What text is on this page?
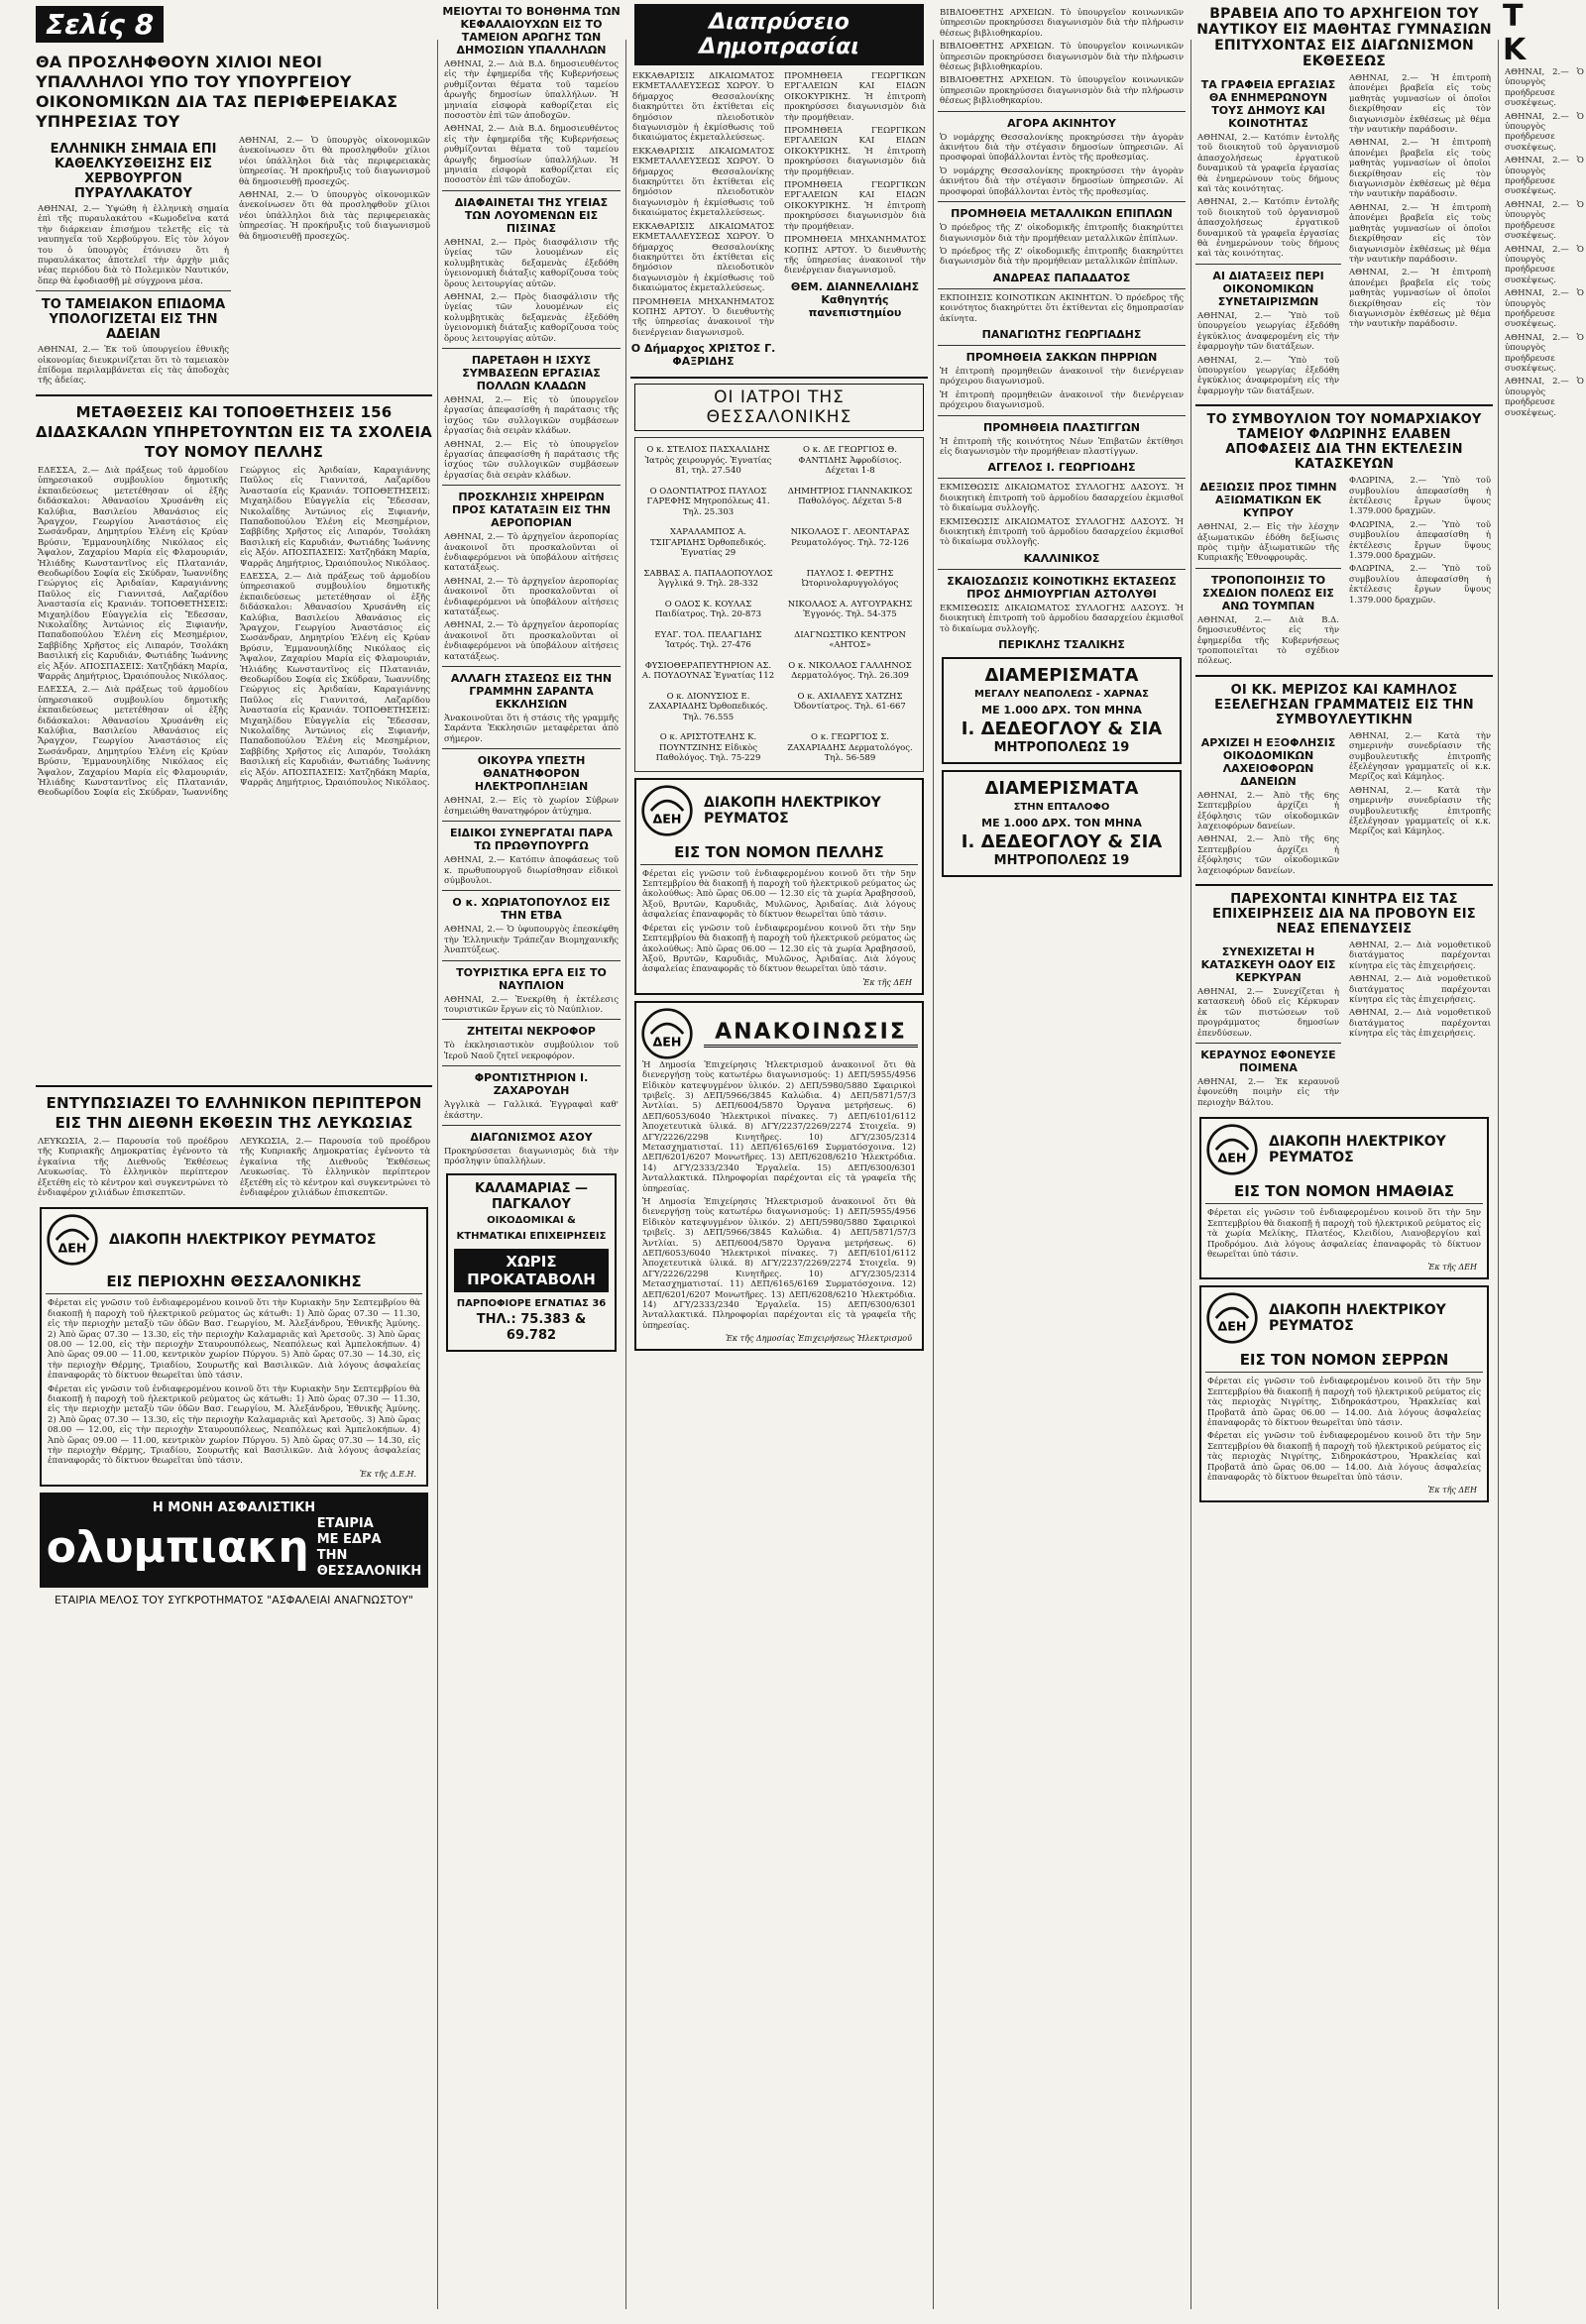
Σελίς 8
ΘΑ ΠΡΟΣΛΗΦΘΟΥΝ ΧΙΛΙΟΙ ΝΕΟΙ ΥΠΑΛΛΗΛΟΙ ΥΠΟ ΤΟΥ ΥΠΟΥΡΓΕΙΟΥ ΟΙΚΟΝΟΜΙΚΩΝ ΔΙΑ ΤΑΣ ΠΕΡΙΦΕΡΕΙΑΚΑΣ ΥΠΗΡΕΣΙΑΣ ΤΟΥ
ΕΛΛΗΝΙΚΗ ΣΗΜΑΙΑ ΕΠΙ ΚΑΘΕΛΚΥΣΘΕΙΣΗΣ ΕΙΣ ΧΕΡΒΟΥΡΓΟΝ ΠΥΡΑΥΛΑΚΑΤΟΥ

ΑΘΗΝΑΙ, 2.— Ὑψώθη ἡ ἑλληνικὴ σημαία ἐπὶ τῆς πυραυλακάτου «Κωμοδεῖνα κατά τὴν διάρκειαν ἐπισήμου τελετῆς εἰς τὰ ναυπηγεῖα τοῦ Χερβούργου. Εἰς τὸν λόγον του ὁ ὑπουργὸς ἐτόνισεν ὅτι ἡ πυραυλάκατος ἀποτελεῖ τὴν ἀρχὴν μιᾶς νέας περιόδου διὰ τὸ Πολεμικὸν Ναυτικόν, ὅπερ θὰ ἐφοδιασθῇ μὲ σύγχρονα μέσα.

ΤΟ ΤΑΜΕΙΑΚΟΝ ΕΠΙΔΟΜΑ ΥΠΟΛΟΓΙΖΕΤΑΙ ΕΙΣ ΤΗΝ ΑΔΕΙΑΝ

ΑΘΗΝΑΙ, 2.— Ἐκ τοῦ ὑπουργείου ἐθνικῆς οἰκονομίας διευκρινίζεται ὅτι τὸ ταμειακὸν ἐπίδομα περιλαμβάνεται εἰς τὰς ἀποδοχὰς τῆς ἀδείας.

ΑΘΗΝΑΙ, 2.— Ὁ ὑπουργὸς οἰκονομικῶν ἀνεκοίνωσεν ὅτι θὰ προσληφθοῦν χίλιοι νέοι ὑπάλληλοι διὰ τὰς περιφερειακὰς ὑπηρεσίας. Ἡ προκήρυξις τοῦ διαγωνισμοῦ θὰ δημοσιευθῇ προσεχῶς.

ΑΘΗΝΑΙ, 2.— Ὁ ὑπουργὸς οἰκονομικῶν ἀνεκοίνωσεν ὅτι θὰ προσληφθοῦν χίλιοι νέοι ὑπάλληλοι διὰ τὰς περιφερειακὰς ὑπηρεσίας. Ἡ προκήρυξις τοῦ διαγωνισμοῦ θὰ δημοσιευθῇ προσεχῶς.

ΜΕΤΑΘΕΣΕΙΣ ΚΑΙ ΤΟΠΟΘΕΤΗΣΕΙΣ 156 ΔΙΔΑΣΚΑΛΩΝ ΥΠΗΡΕΤΟΥΝΤΩΝ ΕΙΣ ΤΑ ΣΧΟΛΕΙΑ ΤΟΥ ΝΟΜΟΥ ΠΕΛΛΗΣ

ΕΔΕΣΣΑ, 2.— Διὰ πράξεως τοῦ ἁρμοδίου ὑπηρεσιακοῦ συμβουλίου δημοτικῆς ἐκπαιδεύσεως μετετέθησαν οἱ ἑξῆς διδάσκαλοι: Ἀθανασίου Χρυσάνθη εἰς Καλύβια, Βασιλείου Ἀθανάσιος εἰς Ἄραγχον, Γεωργίου Ἀναστάσιος εἰς Σωσάνδραν, Δημητρίου Ἑλένη εἰς Κρύαν Βρύσιν, Ἐμμανουηλίδης Νικόλαος εἰς Ἄψαλον, Ζαχαρίου Μαρία εἰς Φλαμουριάν, Ἠλιάδης Κωνσταντῖνος εἰς Πλατανιάν, Θεοδωρίδου Σοφία εἰς Σκύδραν, Ἰωαννίδης Γεώργιος εἰς Ἀριδαίαν, Καραγιάννης Παῦλος εἰς Γιαννιτσά, Λαζαρίδου Ἀναστασία εἰς Κρανιάν. ΤΟΠΟΘΕΤΗΣΕΙΣ: Μιχαηλίδου Εὐαγγελία εἰς Ἔδεσσαν, Νικολαΐδης Ἀντώνιος εἰς Ξιφιανήν, Παπαδοπούλου Ἑλένη εἰς Μεσημέριον, Σαββίδης Χρῆστος εἰς Λιπαρόν, Τσολάκη Βασιλική εἰς Καρυδιάν, Φωτιάδης Ἰωάννης εἰς Ἀξόν. ΑΠΟΣΠΑΣΕΙΣ: Χατζηδάκη Μαρία, Ψαρρᾶς Δημήτριος, Ὠραιόπουλος Νικόλαος.

ΕΔΕΣΣΑ, 2.— Διὰ πράξεως τοῦ ἁρμοδίου ὑπηρεσιακοῦ συμβουλίου δημοτικῆς ἐκπαιδεύσεως μετετέθησαν οἱ ἑξῆς διδάσκαλοι: Ἀθανασίου Χρυσάνθη εἰς Καλύβια, Βασιλείου Ἀθανάσιος εἰς Ἄραγχον, Γεωργίου Ἀναστάσιος εἰς Σωσάνδραν, Δημητρίου Ἑλένη εἰς Κρύαν Βρύσιν, Ἐμμανουηλίδης Νικόλαος εἰς Ἄψαλον, Ζαχαρίου Μαρία εἰς Φλαμουριάν, Ἠλιάδης Κωνσταντῖνος εἰς Πλατανιάν, Θεοδωρίδου Σοφία εἰς Σκύδραν, Ἰωαννίδης Γεώργιος εἰς Ἀριδαίαν, Καραγιάννης Παῦλος εἰς Γιαννιτσά, Λαζαρίδου Ἀναστασία εἰς Κρανιάν. ΤΟΠΟΘΕΤΗΣΕΙΣ: Μιχαηλίδου Εὐαγγελία εἰς Ἔδεσσαν, Νικολαΐδης Ἀντώνιος εἰς Ξιφιανήν, Παπαδοπούλου Ἑλένη εἰς Μεσημέριον, Σαββίδης Χρῆστος εἰς Λιπαρόν, Τσολάκη Βασιλική εἰς Καρυδιάν, Φωτιάδης Ἰωάννης εἰς Ἀξόν. ΑΠΟΣΠΑΣΕΙΣ: Χατζηδάκη Μαρία, Ψαρρᾶς Δημήτριος, Ὠραιόπουλος Νικόλαος.

ΕΔΕΣΣΑ, 2.— Διὰ πράξεως τοῦ ἁρμοδίου ὑπηρεσιακοῦ συμβουλίου δημοτικῆς ἐκπαιδεύσεως μετετέθησαν οἱ ἑξῆς διδάσκαλοι: Ἀθανασίου Χρυσάνθη εἰς Καλύβια, Βασιλείου Ἀθανάσιος εἰς Ἄραγχον, Γεωργίου Ἀναστάσιος εἰς Σωσάνδραν, Δημητρίου Ἑλένη εἰς Κρύαν Βρύσιν, Ἐμμανουηλίδης Νικόλαος εἰς Ἄψαλον, Ζαχαρίου Μαρία εἰς Φλαμουριάν, Ἠλιάδης Κωνσταντῖνος εἰς Πλατανιάν, Θεοδωρίδου Σοφία εἰς Σκύδραν, Ἰωαννίδης Γεώργιος εἰς Ἀριδαίαν, Καραγιάννης Παῦλος εἰς Γιαννιτσά, Λαζαρίδου Ἀναστασία εἰς Κρανιάν. ΤΟΠΟΘΕΤΗΣΕΙΣ: Μιχαηλίδου Εὐαγγελία εἰς Ἔδεσσαν, Νικολαΐδης Ἀντώνιος εἰς Ξιφιανήν, Παπαδοπούλου Ἑλένη εἰς Μεσημέριον, Σαββίδης Χρῆστος εἰς Λιπαρόν, Τσολάκη Βασιλική εἰς Καρυδιάν, Φωτιάδης Ἰωάννης εἰς Ἀξόν. ΑΠΟΣΠΑΣΕΙΣ: Χατζηδάκη Μαρία, Ψαρρᾶς Δημήτριος, Ὠραιόπουλος Νικόλαος.

ΕΝΤΥΠΩΣΙΑΖΕΙ ΤΟ ΕΛΛΗΝΙΚΟΝ ΠΕΡΙΠΤΕΡΟΝ ΕΙΣ ΤΗΝ ΔΙΕΘΝΗ ΕΚΘΕΣΙΝ ΤΗΣ ΛΕΥΚΩΣΙΑΣ

ΛΕΥΚΩΣΙΑ, 2.— Παρουσία τοῦ προέδρου τῆς Κυπριακῆς Δημοκρατίας ἐγένοντο τὰ ἐγκαίνια τῆς Διεθνοῦς Ἐκθέσεως Λευκωσίας. Τὸ ἑλληνικὸν περίπτερον ἐξετέθη εἰς τὸ κέντρον καὶ συγκεντρώνει τὸ ἐνδιαφέρον χιλιάδων ἐπισκεπτῶν.

ΛΕΥΚΩΣΙΑ, 2.— Παρουσία τοῦ προέδρου τῆς Κυπριακῆς Δημοκρατίας ἐγένοντο τὰ ἐγκαίνια τῆς Διεθνοῦς Ἐκθέσεως Λευκωσίας. Τὸ ἑλληνικὸν περίπτερον ἐξετέθη εἰς τὸ κέντρον καὶ συγκεντρώνει τὸ ἐνδιαφέρον χιλιάδων ἐπισκεπτῶν.

ΔΕΗ
ΔΙΑΚΟΠΗ ΗΛΕΚΤΡΙΚΟΥ ΡΕΥΜΑΤΟΣ
ΕΙΣ ΠΕΡΙΟΧΗΝ ΘΕΣΣΑΛΟΝΙΚΗΣ

Φέρεται εἰς γνῶσιν τοῦ ἐνδιαφερομένου κοινοῦ ὅτι τὴν Κυριακὴν 5ην Σεπτεμβρίου θὰ διακοπῇ ἡ παροχὴ τοῦ ἠλεκτρικοῦ ρεύματος ὡς κάτωθι: 1) Ἀπὸ ὥρας 07.30 — 11.30, εἰς τὴν περιοχὴν μεταξὺ τῶν ὁδῶν Βασ. Γεωργίου, Μ. Ἀλεξάνδρου, Ἐθνικῆς Ἀμύνης. 2) Ἀπὸ ὥρας 07.30 — 13.30, εἰς τὴν περιοχὴν Καλαμαριᾶς καὶ Ἀρετσοῦς. 3) Ἀπὸ ὥρας 08.00 — 12.00, εἰς τὴν περιοχὴν Σταυρουπόλεως, Νεαπόλεως καὶ Ἀμπελοκήπων. 4) Ἀπὸ ὥρας 09.00 — 11.00, κεντρικὸν χωρίον Πύργου. 5) Ἀπὸ ὥρας 07.30 — 14.30, εἰς τὴν περιοχὴν Θέρμης, Τριαδίου, Σουρωτῆς καὶ Βασιλικῶν. Διὰ λόγους ἀσφαλείας ἐπαναφορᾶς τὸ δίκτυον θεωρεῖται ὑπὸ τάσιν.

Φέρεται εἰς γνῶσιν τοῦ ἐνδιαφερομένου κοινοῦ ὅτι τὴν Κυριακὴν 5ην Σεπτεμβρίου θὰ διακοπῇ ἡ παροχὴ τοῦ ἠλεκτρικοῦ ρεύματος ὡς κάτωθι: 1) Ἀπὸ ὥρας 07.30 — 11.30, εἰς τὴν περιοχὴν μεταξὺ τῶν ὁδῶν Βασ. Γεωργίου, Μ. Ἀλεξάνδρου, Ἐθνικῆς Ἀμύνης. 2) Ἀπὸ ὥρας 07.30 — 13.30, εἰς τὴν περιοχὴν Καλαμαριᾶς καὶ Ἀρετσοῦς. 3) Ἀπὸ ὥρας 08.00 — 12.00, εἰς τὴν περιοχὴν Σταυρουπόλεως, Νεαπόλεως καὶ Ἀμπελοκήπων. 4) Ἀπὸ ὥρας 09.00 — 11.00, κεντρικὸν χωρίον Πύργου. 5) Ἀπὸ ὥρας 07.30 — 14.30, εἰς τὴν περιοχὴν Θέρμης, Τριαδίου, Σουρωτῆς καὶ Βασιλικῶν. Διὰ λόγους ἀσφαλείας ἐπαναφορᾶς τὸ δίκτυον θεωρεῖται ὑπὸ τάσιν.

Ἐκ τῆς Δ.Ε.Η.
Η ΜΟΝΗ ΑΣΦΑΛΙΣΤΙΚΗ
ολυμπιακη ΕΤΑΙΡΙΑ
ΜΕ ΕΔΡΑ
ΤΗΝ ΘΕΣΣΑΛΟΝΙΚΗ
ΕΤΑΙΡΙΑ ΜΕΛΟΣ ΤΟΥ ΣΥΓΚΡΟΤΗΜΑΤΟΣ "ΑΣΦΑΛΕΙΑΙ ΑΝΑΓΝΩΣΤΟΥ"
ΜΕΙΟΥΤΑΙ ΤΟ ΒΟΗΘΗΜΑ ΤΩΝ ΚΕΦΑΛΑΙΟΥΧΩΝ ΕΙΣ ΤΟ ΤΑΜΕΙΟΝ ΑΡΩΓΗΣ ΤΩΝ ΔΗΜΟΣΙΩΝ ΥΠΑΛΛΗΛΩΝ

ΑΘΗΝΑΙ, 2.— Διὰ Β.Δ. δημοσιευθέντος εἰς τὴν ἐφημερίδα τῆς Κυβερνήσεως ρυθμίζονται θέματα τοῦ ταμείου ἀρωγῆς δημοσίων ὑπαλλήλων. Ἡ μηνιαία εἰσφορὰ καθορίζεται εἰς ποσοστὸν ἐπὶ τῶν ἀποδοχῶν.

ΑΘΗΝΑΙ, 2.— Διὰ Β.Δ. δημοσιευθέντος εἰς τὴν ἐφημερίδα τῆς Κυβερνήσεως ρυθμίζονται θέματα τοῦ ταμείου ἀρωγῆς δημοσίων ὑπαλλήλων. Ἡ μηνιαία εἰσφορὰ καθορίζεται εἰς ποσοστὸν ἐπὶ τῶν ἀποδοχῶν.

ΔΙΑΦΑΙΝΕΤΑΙ ΤΗΣ ΥΓΕΙΑΣ ΤΩΝ ΛΟΥΟΜΕΝΩΝ ΕΙΣ ΠΙΣΙΝΑΣ

ΑΘΗΝΑΙ, 2.— Πρὸς διασφάλισιν τῆς ὑγείας τῶν λουομένων εἰς κολυμβητικὰς δεξαμενὰς ἐξεδόθη ὑγειονομικὴ διάταξις καθορίζουσα τοὺς ὅρους λειτουργίας αὐτῶν.

ΑΘΗΝΑΙ, 2.— Πρὸς διασφάλισιν τῆς ὑγείας τῶν λουομένων εἰς κολυμβητικὰς δεξαμενὰς ἐξεδόθη ὑγειονομικὴ διάταξις καθορίζουσα τοὺς ὅρους λειτουργίας αὐτῶν.

ΠΑΡΕΤΑΘΗ Η ΙΣΧΥΣ ΣΥΜΒΑΣΕΩΝ ΕΡΓΑΣΙΑΣ ΠΟΛΛΩΝ ΚΛΑΔΩΝ

ΑΘΗΝΑΙ, 2.— Εἰς τὸ ὑπουργεῖον ἐργασίας ἀπεφασίσθη ἡ παράτασις τῆς ἰσχύος τῶν συλλογικῶν συμβάσεων ἐργασίας διὰ σειρὰν κλάδων.

ΑΘΗΝΑΙ, 2.— Εἰς τὸ ὑπουργεῖον ἐργασίας ἀπεφασίσθη ἡ παράτασις τῆς ἰσχύος τῶν συλλογικῶν συμβάσεων ἐργασίας διὰ σειρὰν κλάδων.

ΠΡΟΣΚΛΗΣΙΣ ΧΗΡΕΙΡΩΝ ΠΡΟΣ ΚΑΤΑΤΑΞΙΝ ΕΙΣ ΤΗΝ ΑΕΡΟΠΟΡΙΑΝ

ΑΘΗΝΑΙ, 2.— Τὸ ἀρχηγεῖον ἀεροπορίας ἀνακοινοῖ ὅτι προσκαλοῦνται οἱ ἐνδιαφερόμενοι νὰ ὑποβάλουν αἰτήσεις κατατάξεως.

ΑΘΗΝΑΙ, 2.— Τὸ ἀρχηγεῖον ἀεροπορίας ἀνακοινοῖ ὅτι προσκαλοῦνται οἱ ἐνδιαφερόμενοι νὰ ὑποβάλουν αἰτήσεις κατατάξεως.

ΑΘΗΝΑΙ, 2.— Τὸ ἀρχηγεῖον ἀεροπορίας ἀνακοινοῖ ὅτι προσκαλοῦνται οἱ ἐνδιαφερόμενοι νὰ ὑποβάλουν αἰτήσεις κατατάξεως.

ΑΛΛΑΓΗ ΣΤΑΣΕΩΣ ΕΙΣ ΤΗΝ ΓΡΑΜΜΗΝ ΣΑΡΑΝΤΑ ΕΚΚΛΗΣΙΩΝ

Ἀνακοινοῦται ὅτι ἡ στάσις τῆς γραμμῆς Σαράντα Ἐκκλησιῶν μεταφέρεται ἀπὸ σήμερον.

ΟΙΚΟΥΡΑ ΥΠΕΣΤΗ ΘΑΝΑΤΗΦΟΡΟΝ ΗΛΕΚΤΡΟΠΛΗΞΙΑΝ

ΑΘΗΝΑΙ, 2.— Εἰς τὸ χωρίον Σύβρων ἐσημειώθη θανατηφόρον ἀτύχημα.

ΕΙΔΙΚΟΙ ΣΥΝΕΡΓΑΤΑΙ ΠΑΡΑ ΤΩ ΠΡΩΘΥΠΟΥΡΓΩ

ΑΘΗΝΑΙ, 2.— Κατόπιν ἀποφάσεως τοῦ κ. πρωθυπουργοῦ διωρίσθησαν εἰδικοὶ σύμβουλοι.

Ο κ. ΧΩΡΙΑΤΟΠΟΥΛΟΣ ΕΙΣ ΤΗΝ ΕΤΒΑ

ΑΘΗΝΑΙ, 2.— Ὁ ὑφυπουργὸς ἐπεσκέφθη τὴν Ἑλληνικὴν Τράπεζαν Βιομηχανικῆς Ἀναπτύξεως.

ΤΟΥΡΙΣΤΙΚΑ ΕΡΓΑ ΕΙΣ ΤΟ ΝΑΥΠΛΙΟΝ

ΑΘΗΝΑΙ, 2.— Ἐνεκρίθη ἡ ἐκτέλεσις τουριστικῶν ἔργων εἰς τὸ Ναύπλιον.

ΖΗΤΕΙΤΑΙ ΝΕΚΡΟΦΟΡ

Τὸ ἐκκλησιαστικὸν συμβούλιον τοῦ Ἱεροῦ Ναοῦ ζητεῖ νεκροφόρον.

ΦΡΟΝΤΙΣΤΗΡΙΟΝ Ι. ΖΑΧΑΡΟΥΔΗ

Ἀγγλικὰ — Γαλλικά. Ἐγγραφαὶ καθ' ἑκάστην.

ΔΙΑΓΩΝΙΣΜΟΣ ΑΣΟΥ

Προκηρύσσεται διαγωνισμὸς διὰ τὴν πρόσληψιν ὑπαλλήλων.

ΚΑΛΑΜΑΡΙΑΣ — ΠΑΓΚΑΛΟΥ
ΟΙΚΟΔΟΜΙΚΑΙ & ΚΤΗΜΑΤΙΚΑΙ ΕΠΙΧΕΙΡΗΣΕΙΣ
ΧΩΡΙΣ ΠΡΟΚΑΤΑΒΟΛΗ
ΠΑΡΠΟΦΙΟΡΕ ΕΓΝΑΤΙΑΣ 36
ΤΗΛ.: 75.383 & 69.782
Διαπρύσειο Δημοπρασίαι

ΕΚΚΑΘΑΡΙΣΙΣ ΔΙΚΑΙΩΜΑΤΟΣ ΕΚΜΕΤΑΛΛΕΥΣΕΩΣ ΧΩΡΟΥ. Ὁ δήμαρχος Θεσσαλονίκης διακηρύττει ὅτι ἐκτίθεται εἰς δημόσιον πλειοδοτικὸν διαγωνισμὸν ἡ ἐκμίσθωσις τοῦ δικαιώματος ἐκμεταλλεύσεως.

ΕΚΚΑΘΑΡΙΣΙΣ ΔΙΚΑΙΩΜΑΤΟΣ ΕΚΜΕΤΑΛΛΕΥΣΕΩΣ ΧΩΡΟΥ. Ὁ δήμαρχος Θεσσαλονίκης διακηρύττει ὅτι ἐκτίθεται εἰς δημόσιον πλειοδοτικὸν διαγωνισμὸν ἡ ἐκμίσθωσις τοῦ δικαιώματος ἐκμεταλλεύσεως.

ΕΚΚΑΘΑΡΙΣΙΣ ΔΙΚΑΙΩΜΑΤΟΣ ΕΚΜΕΤΑΛΛΕΥΣΕΩΣ ΧΩΡΟΥ. Ὁ δήμαρχος Θεσσαλονίκης διακηρύττει ὅτι ἐκτίθεται εἰς δημόσιον πλειοδοτικὸν διαγωνισμὸν ἡ ἐκμίσθωσις τοῦ δικαιώματος ἐκμεταλλεύσεως.

ΠΡΟΜΗΘΕΙΑ ΜΗΧΑΝΗΜΑΤΟΣ ΚΟΠΗΣ ΑΡΤΟΥ. Ὁ διευθυντὴς τῆς ὑπηρεσίας ἀνακοινοῖ τὴν διενέργειαν διαγωνισμοῦ.

Ο Δήμαρχος ΧΡΙΣΤΟΣ Γ. ΦΑΞΡΙΔΗΣ

ΠΡΟΜΗΘΕΙΑ ΓΕΩΡΓΙΚΩΝ ΕΡΓΑΛΕΙΩΝ ΚΑΙ ΕΙΔΩΝ ΟΙΚΟΚΥΡΙΚΗΣ. Ἡ ἐπιτροπὴ προκηρύσσει διαγωνισμὸν διὰ τὴν προμήθειαν.

ΠΡΟΜΗΘΕΙΑ ΓΕΩΡΓΙΚΩΝ ΕΡΓΑΛΕΙΩΝ ΚΑΙ ΕΙΔΩΝ ΟΙΚΟΚΥΡΙΚΗΣ. Ἡ ἐπιτροπὴ προκηρύσσει διαγωνισμὸν διὰ τὴν προμήθειαν.

ΠΡΟΜΗΘΕΙΑ ΓΕΩΡΓΙΚΩΝ ΕΡΓΑΛΕΙΩΝ ΚΑΙ ΕΙΔΩΝ ΟΙΚΟΚΥΡΙΚΗΣ. Ἡ ἐπιτροπὴ προκηρύσσει διαγωνισμὸν διὰ τὴν προμήθειαν.

ΠΡΟΜΗΘΕΙΑ ΜΗΧΑΝΗΜΑΤΟΣ ΚΟΠΗΣ ΑΡΤΟΥ. Ὁ διευθυντὴς τῆς ὑπηρεσίας ἀνακοινοῖ τὴν διενέργειαν διαγωνισμοῦ.

ΘΕΜ. ΔΙΑΝΝΕΛΛΙΔΗΣ Καθηγητής πανεπιστημίου
ΟΙ ΙΑΤΡΟΙ ΤΗΣ ΘΕΣΣΑΛΟΝΙΚΗΣ
Ο κ. ΣΤΕΛΙΟΣ ΠΑΣΧΑΛΙΔΗΣ Ἰατρὸς χειρουργός. Ἐγνατίας 81, τηλ. 27.540
Ο κ. ΔΕ ΓΕΩΡΓΙΟΣ Θ. ΦΑΝΤΙΔΗΣ Ἀφροδίσιος. Δέχεται 1-8
Ο ΟΔΟΝΤΙΑΤΡΟΣ ΠΑΥΛΟΣ ΓΑΡΕΦΗΣ Μητροπόλεως 41. Τηλ. 25.303
ΔΗΜΗΤΡΙΟΣ ΓΙΑΝΝΑΚΙΚΟΣ Παθολόγος. Δέχεται 5-8
ΧΑΡΑΛΑΜΠΟΣ Α. ΤΣΙΓΑΡΙΔΗΣ Ὀρθοπεδικός. Ἐγνατίας 29
ΝΙΚΟΛΑΟΣ Γ. ΛΕΟΝΤΑΡΑΣ Ρευματολόγος. Τηλ. 72-126
ΣΑΒΒΑΣ Α. ΠΑΠΑΔΟΠΟΥΛΟΣ Ἀγγλικά 9. Τηλ. 28-332
ΠΑΥΛΟΣ Ι. ΦΕΡΤΗΣ Ὠτορινολαρυγγολόγος
Ο ΟΔΟΣ Κ. ΚΟΥΛΑΣ Παιδίατρος. Τηλ. 20-873
ΝΙΚΟΛΑΟΣ Α. ΑΥΓΟΥΡΑΚΗΣ Ἐγγονός. Τηλ. 54-375
ΕΥΑΓ. ΤΟΛ. ΠΕΛΑΓΙΔΗΣ Ἰατρός. Τηλ. 27-476
ΔΙΑΓΝΩΣΤΙΚΟ ΚΕΝΤΡΟΝ «ΑΗΤΟΣ»
ΦΥΣΙΟΘΕΡΑΠΕΥΤΗΡΙΟΝ ΑΣ. Α. ΠΟΥΔΟΥΝΑΣ Ἐγνατίας 112
Ο κ. ΝΙΚΟΛΑΟΣ ΓΑΛΛΗΝΟΣ Δερματολόγος. Τηλ. 26.309
Ο κ. ΔΙΟΝΥΣΙΟΣ Ε. ΖΑΧΑΡΙΑΔΗΣ Ὀρθοπεδικός. Τηλ. 76.555
Ο κ. ΑΧΙΛΛΕΥΣ ΧΑΤΖΗΣ Ὀδοντίατρος. Τηλ. 61-667
Ο κ. ΑΡΙΣΤΟΤΕΛΗΣ Κ. ΠΟΥΝΤΖΙΝΗΣ Εἰδικὸς Παθολόγος. Τηλ. 75-229
Ο κ. ΓΕΩΡΓΙΟΣ Σ. ΖΑΧΑΡΙΑΔΗΣ Δερματολόγος. Τηλ. 56-589
ΔΕΗ
ΔΙΑΚΟΠΗ ΗΛΕΚΤΡΙΚΟΥ ΡΕΥΜΑΤΟΣ
ΕΙΣ ΤΟΝ ΝΟΜΟΝ ΠΕΛΛΗΣ

Φέρεται εἰς γνῶσιν τοῦ ἐνδιαφερομένου κοινοῦ ὅτι τὴν 5ην Σεπτεμβρίου θὰ διακοπῇ ἡ παροχὴ τοῦ ἠλεκτρικοῦ ρεύματος ὡς ἀκολούθως: Ἀπὸ ὥρας 06.00 — 12.30 εἰς τὰ χωρία Ἀραβησσοῦ, Ἀξοῦ, Βρυτῶν, Καρυδιᾶς, Μυλῶνος, Ἀριδαίας. Διὰ λόγους ἀσφαλείας ἐπαναφορᾶς τὸ δίκτυον θεωρεῖται ὑπὸ τάσιν.

Φέρεται εἰς γνῶσιν τοῦ ἐνδιαφερομένου κοινοῦ ὅτι τὴν 5ην Σεπτεμβρίου θὰ διακοπῇ ἡ παροχὴ τοῦ ἠλεκτρικοῦ ρεύματος ὡς ἀκολούθως: Ἀπὸ ὥρας 06.00 — 12.30 εἰς τὰ χωρία Ἀραβησσοῦ, Ἀξοῦ, Βρυτῶν, Καρυδιᾶς, Μυλῶνος, Ἀριδαίας. Διὰ λόγους ἀσφαλείας ἐπαναφορᾶς τὸ δίκτυον θεωρεῖται ὑπὸ τάσιν.

Ἐκ τῆς ΔΕΗ
ΔΕΗ	ΑΝΑΚΟΙΝΩΣΙΣ

Ἡ Δημοσία Ἐπιχείρησις Ἠλεκτρισμοῦ ἀνακοινοῖ ὅτι θὰ διενεργήσῃ τοὺς κατωτέρω διαγωνισμούς: 1) ΔΕΠ/5955/4956 Εἰδικὸν κατεψυγμένον ὑλικόν. 2) ΔΕΠ/5980/5880 Σφαιρικοὶ τριβεῖς. 3) ΔΕΠ/5966/3845 Καλώδια. 4) ΔΕΠ/5871/57/3 Ἀντλίαι. 5) ΔΕΠ/6004/5870 Ὀργανα μετρήσεως. 6) ΔΕΠ/6053/6040 Ἡλεκτρικοὶ πίνακες. 7) ΔΕΠ/6101/6112 Ἀποχετευτικὰ ὑλικά. 8) ΔΓΥ/2237/2269/2274 Στοιχεῖα. 9) ΔΓΥ/2226/2298 Κινητῆρες. 10) ΔΓΥ/2305/2314 Μετασχηματισταί. 11) ΔΕΠ/6165/6169 Συρματόσχοινα. 12) ΔΕΠ/6201/6207 Μονωτῆρες. 13) ΔΕΠ/6208/6210 Ἠλεκτρόδια. 14) ΔΓΥ/2333/2340 Ἐργαλεῖα. 15) ΔΕΠ/6300/6301 Ἀνταλλακτικά. Πληροφορίαι παρέχονται εἰς τὰ γραφεῖα τῆς ὑπηρεσίας.

Ἡ Δημοσία Ἐπιχείρησις Ἠλεκτρισμοῦ ἀνακοινοῖ ὅτι θὰ διενεργήσῃ τοὺς κατωτέρω διαγωνισμούς: 1) ΔΕΠ/5955/4956 Εἰδικὸν κατεψυγμένον ὑλικόν. 2) ΔΕΠ/5980/5880 Σφαιρικοὶ τριβεῖς. 3) ΔΕΠ/5966/3845 Καλώδια. 4) ΔΕΠ/5871/57/3 Ἀντλίαι. 5) ΔΕΠ/6004/5870 Ὀργανα μετρήσεως. 6) ΔΕΠ/6053/6040 Ἡλεκτρικοὶ πίνακες. 7) ΔΕΠ/6101/6112 Ἀποχετευτικὰ ὑλικά. 8) ΔΓΥ/2237/2269/2274 Στοιχεῖα. 9) ΔΓΥ/2226/2298 Κινητῆρες. 10) ΔΓΥ/2305/2314 Μετασχηματισταί. 11) ΔΕΠ/6165/6169 Συρματόσχοινα. 12) ΔΕΠ/6201/6207 Μονωτῆρες. 13) ΔΕΠ/6208/6210 Ἠλεκτρόδια. 14) ΔΓΥ/2333/2340 Ἐργαλεῖα. 15) ΔΕΠ/6300/6301 Ἀνταλλακτικά. Πληροφορίαι παρέχονται εἰς τὰ γραφεῖα τῆς ὑπηρεσίας.

Ἐκ τῆς Δημοσίας Ἐπιχειρήσεως Ἠλεκτρισμοῦ

ΒΙΒΛΙΟΘΕΤΗΣ ΑΡΧΕΙΩΝ. Τὸ ὑπουργεῖον κοινωνικῶν ὑπηρεσιῶν προκηρύσσει διαγωνισμὸν διὰ τὴν πλήρωσιν θέσεως βιβλιοθηκαρίου.

ΒΙΒΛΙΟΘΕΤΗΣ ΑΡΧΕΙΩΝ. Τὸ ὑπουργεῖον κοινωνικῶν ὑπηρεσιῶν προκηρύσσει διαγωνισμὸν διὰ τὴν πλήρωσιν θέσεως βιβλιοθηκαρίου.

ΒΙΒΛΙΟΘΕΤΗΣ ΑΡΧΕΙΩΝ. Τὸ ὑπουργεῖον κοινωνικῶν ὑπηρεσιῶν προκηρύσσει διαγωνισμὸν διὰ τὴν πλήρωσιν θέσεως βιβλιοθηκαρίου.

ΑΓΟΡΑ ΑΚΙΝΗΤΟΥ

Ὁ νομάρχης Θεσσαλονίκης προκηρύσσει τὴν ἀγορὰν ἀκινήτου διὰ τὴν στέγασιν δημοσίων ὑπηρεσιῶν. Αἱ προσφοραὶ ὑποβάλλονται ἐντὸς τῆς προθεσμίας.

Ὁ νομάρχης Θεσσαλονίκης προκηρύσσει τὴν ἀγορὰν ἀκινήτου διὰ τὴν στέγασιν δημοσίων ὑπηρεσιῶν. Αἱ προσφοραὶ ὑποβάλλονται ἐντὸς τῆς προθεσμίας.

ΠΡΟΜΗΘΕΙΑ ΜΕΤΑΛΛΙΚΩΝ ΕΠΙΠΛΩΝ

Ὁ πρόεδρος τῆς Ζ' οἰκοδομικῆς ἐπιτροπῆς διακηρύττει διαγωνισμὸν διὰ τὴν προμήθειαν μεταλλικῶν ἐπίπλων.

Ὁ πρόεδρος τῆς Ζ' οἰκοδομικῆς ἐπιτροπῆς διακηρύττει διαγωνισμὸν διὰ τὴν προμήθειαν μεταλλικῶν ἐπίπλων.

ΑΝΔΡΕΑΣ ΠΑΠΑΔΑΤΟΣ

ΕΚΠΟΙΗΣΙΣ ΚΟΙΝΟΤΙΚΩΝ ΑΚΙΝΗΤΩΝ. Ὁ πρόεδρος τῆς κοινότητος διακηρύττει ὅτι ἐκτίθενται εἰς δημοπρασίαν ἀκίνητα.

ΠΑΝΑΓΙΩΤΗΣ ΓΕΩΡΓΙΑΔΗΣ
ΠΡΟΜΗΘΕΙΑ ΣΑΚΚΩΝ ΠΗΡΡΙΩΝ

Ἡ ἐπιτροπὴ προμηθειῶν ἀνακοινοῖ τὴν διενέργειαν πρόχειρου διαγωνισμοῦ.

Ἡ ἐπιτροπὴ προμηθειῶν ἀνακοινοῖ τὴν διενέργειαν πρόχειρου διαγωνισμοῦ.

ΠΡΟΜΗΘΕΙΑ ΠΛΑΣΤΙΓΓΩΝ

Ἡ ἐπιτροπὴ τῆς κοινότητος Νέων Ἐπιβατῶν ἐκτίθησι εἰς διαγωνισμὸν τὴν προμήθειαν πλαστίγγων.

ΑΓΓΕΛΟΣ Ι. ΓΕΩΡΓΙΟΔΗΣ

ΕΚΜΙΣΘΩΣΙΣ ΔΙΚΑΙΩΜΑΤΟΣ ΣΥΛΛΟΓΗΣ ΔΑΣΟΥΣ. Ἡ διοικητικὴ ἐπιτροπὴ τοῦ ἁρμοδίου δασαρχείου ἐκμισθοῖ τὸ δικαίωμα συλλογῆς.

ΕΚΜΙΣΘΩΣΙΣ ΔΙΚΑΙΩΜΑΤΟΣ ΣΥΛΛΟΓΗΣ ΔΑΣΟΥΣ. Ἡ διοικητικὴ ἐπιτροπὴ τοῦ ἁρμοδίου δασαρχείου ἐκμισθοῖ τὸ δικαίωμα συλλογῆς.

ΚΑΛΛΙΝΙΚΟΣ
ΣΚΑΙΟΣΔΩΣΙΣ ΚΟΙΝΟΤΙΚΗΣ ΕΚΤΑΣΕΩΣ ΠΡΟΣ ΔΗΜΙΟΥΡΓΙΑΝ ΑΣΤΟΛΥΘΙ

ΕΚΜΙΣΘΩΣΙΣ ΔΙΚΑΙΩΜΑΤΟΣ ΣΥΛΛΟΓΗΣ ΔΑΣΟΥΣ. Ἡ διοικητικὴ ἐπιτροπὴ τοῦ ἁρμοδίου δασαρχείου ἐκμισθοῖ τὸ δικαίωμα συλλογῆς.

ΠΕΡΙΚΛΗΣ ΤΣΑΛΙΚΗΣ
ΔΙΑΜΕΡΙΣΜΑΤΑ
ΜΕΓΑΛΥ ΝΕΑΠΟΛΕΩΣ - ΧΑΡΝΑΣ
ΜΕ 1.000 ΔΡΧ. ΤΟΝ ΜΗΝΑ
Ι. ΔΕΔΕΟΓΛΟΥ & ΣΙΑ
ΜΗΤΡΟΠΟΛΕΩΣ 19
ΔΙΑΜΕΡΙΣΜΑΤΑ
ΣΤΗΝ ΕΠΤΑΛΟΦΟ
ΜΕ 1.000 ΔΡΧ. ΤΟΝ ΜΗΝΑ
Ι. ΔΕΔΕΟΓΛΟΥ & ΣΙΑ
ΜΗΤΡΟΠΟΛΕΩΣ 19
ΒΡΑΒΕΙΑ ΑΠΟ ΤΟ ΑΡΧΗΓΕΙΟΝ ΤΟΥ ΝΑΥΤΙΚΟΥ ΕΙΣ ΜΑΘΗΤΑΣ ΓΥΜΝΑΣΙΩΝ ΕΠΙΤΥΧΟΝΤΑΣ ΕΙΣ ΔΙΑΓΩΝΙΣΜΟΝ ΕΚΘΕΣΕΩΣ
ΤΑ ΓΡΑΦΕΙΑ ΕΡΓΑΣΙΑΣ ΘΑ ΕΝΗΜΕΡΩΝΟΥΝ ΤΟΥΣ ΔΗΜΟΥΣ ΚΑΙ ΚΟΙΝΟΤΗΤΑΣ

ΑΘΗΝΑΙ, 2.— Κατόπιν ἐντολῆς τοῦ διοικητοῦ τοῦ ὀργανισμοῦ ἀπασχολήσεως ἐργατικοῦ δυναμικοῦ τὰ γραφεῖα ἐργασίας θὰ ἐνημερώνουν τοὺς δήμους καὶ τὰς κοινότητας.

ΑΘΗΝΑΙ, 2.— Κατόπιν ἐντολῆς τοῦ διοικητοῦ τοῦ ὀργανισμοῦ ἀπασχολήσεως ἐργατικοῦ δυναμικοῦ τὰ γραφεῖα ἐργασίας θὰ ἐνημερώνουν τοὺς δήμους καὶ τὰς κοινότητας.

ΑΙ ΔΙΑΤΑΞΕΙΣ ΠΕΡΙ ΟΙΚΟΝΟΜΙΚΩΝ ΣΥΝΕΤΑΙΡΙΣΜΩΝ

ΑΘΗΝΑΙ, 2.— Ὑπὸ τοῦ ὑπουργείου γεωργίας ἐξεδόθη ἐγκύκλιος ἀναφερομένη εἰς τὴν ἐφαρμογὴν τῶν διατάξεων.

ΑΘΗΝΑΙ, 2.— Ὑπὸ τοῦ ὑπουργείου γεωργίας ἐξεδόθη ἐγκύκλιος ἀναφερομένη εἰς τὴν ἐφαρμογὴν τῶν διατάξεων.

ΑΘΗΝΑΙ, 2.— Ἡ ἐπιτροπὴ ἀπονέμει βραβεῖα εἰς τοὺς μαθητὰς γυμνασίων οἱ ὁποῖοι διεκρίθησαν εἰς τὸν διαγωνισμὸν ἐκθέσεως μὲ θέμα τὴν ναυτικὴν παράδοσιν.

ΑΘΗΝΑΙ, 2.— Ἡ ἐπιτροπὴ ἀπονέμει βραβεῖα εἰς τοὺς μαθητὰς γυμνασίων οἱ ὁποῖοι διεκρίθησαν εἰς τὸν διαγωνισμὸν ἐκθέσεως μὲ θέμα τὴν ναυτικὴν παράδοσιν.

ΑΘΗΝΑΙ, 2.— Ἡ ἐπιτροπὴ ἀπονέμει βραβεῖα εἰς τοὺς μαθητὰς γυμνασίων οἱ ὁποῖοι διεκρίθησαν εἰς τὸν διαγωνισμὸν ἐκθέσεως μὲ θέμα τὴν ναυτικὴν παράδοσιν.

ΑΘΗΝΑΙ, 2.— Ἡ ἐπιτροπὴ ἀπονέμει βραβεῖα εἰς τοὺς μαθητὰς γυμνασίων οἱ ὁποῖοι διεκρίθησαν εἰς τὸν διαγωνισμὸν ἐκθέσεως μὲ θέμα τὴν ναυτικὴν παράδοσιν.

ΤΟ ΣΥΜΒΟΥΛΙΟΝ ΤΟΥ ΝΟΜΑΡΧΙΑΚΟΥ ΤΑΜΕΙΟΥ ΦΛΩΡΙΝΗΣ ΕΛΑΒΕΝ ΑΠΟΦΑΣΕΙΣ ΔΙΑ ΤΗΝ ΕΚΤΕΛΕΣΙΝ ΚΑΤΑΣΚΕΥΩΝ
ΔΕΞΙΩΣΙΣ ΠΡΟΣ ΤΙΜΗΝ ΑΞΙΩΜΑΤΙΚΩΝ ΕΚ ΚΥΠΡΟΥ

ΑΘΗΝΑΙ, 2.— Εἰς τὴν λέσχην ἀξιωματικῶν ἐδόθη δεξίωσις πρὸς τιμὴν ἀξιωματικῶν τῆς Κυπριακῆς Ἐθνοφρουρᾶς.

ΤΡΟΠΟΠΟΙΗΣΙΣ ΤΟ ΣΧΕΔΙΟΝ ΠΟΛΕΩΣ ΕΙΣ ΑΝΩ ΤΟΥΜΠΑΝ

ΑΘΗΝΑΙ, 2.— Διὰ Β.Δ. δημοσιευθέντος εἰς τὴν ἐφημερίδα τῆς Κυβερνήσεως τροποποιεῖται τὸ σχέδιον πόλεως.

ΦΛΩΡΙΝΑ, 2.— Ὑπὸ τοῦ συμβουλίου ἀπεφασίσθη ἡ ἐκτέλεσις ἔργων ὕψους 1.379.000 δραχμῶν.

ΦΛΩΡΙΝΑ, 2.— Ὑπὸ τοῦ συμβουλίου ἀπεφασίσθη ἡ ἐκτέλεσις ἔργων ὕψους 1.379.000 δραχμῶν.

ΦΛΩΡΙΝΑ, 2.— Ὑπὸ τοῦ συμβουλίου ἀπεφασίσθη ἡ ἐκτέλεσις ἔργων ὕψους 1.379.000 δραχμῶν.

ΟΙ ΚΚ. ΜΕΡΙΖΟΣ ΚΑΙ ΚΑΜΗΛΟΣ ΕΞΕΛΕΓΗΣΑΝ ΓΡΑΜΜΑΤΕΙΣ ΕΙΣ ΤΗΝ ΣΥΜΒΟΥΛΕΥΤΙΚΗΝ
ΑΡΧΙΖΕΙ Η ΕΞΟΦΛΗΣΙΣ ΟΙΚΟΔΟΜΙΚΩΝ ΛΑΧΕΙΟΦΟΡΩΝ ΔΑΝΕΙΩΝ

ΑΘΗΝΑΙ, 2.— Ἀπὸ τῆς 6ης Σεπτεμβρίου ἀρχίζει ἡ ἐξόφλησις τῶν οἰκοδομικῶν λαχειοφόρων δανείων.

ΑΘΗΝΑΙ, 2.— Ἀπὸ τῆς 6ης Σεπτεμβρίου ἀρχίζει ἡ ἐξόφλησις τῶν οἰκοδομικῶν λαχειοφόρων δανείων.

ΑΘΗΝΑΙ, 2.— Κατὰ τὴν σημερινὴν συνεδρίασιν τῆς συμβουλευτικῆς ἐπιτροπῆς ἐξελέγησαν γραμματεῖς οἱ κ.κ. Μερίζος καὶ Κάμηλος.

ΑΘΗΝΑΙ, 2.— Κατὰ τὴν σημερινὴν συνεδρίασιν τῆς συμβουλευτικῆς ἐπιτροπῆς ἐξελέγησαν γραμματεῖς οἱ κ.κ. Μερίζος καὶ Κάμηλος.

ΠΑΡΕΧΟΝΤΑΙ ΚΙΝΗΤΡΑ ΕΙΣ ΤΑΣ ΕΠΙΧΕΙΡΗΣΕΙΣ ΔΙΑ ΝΑ ΠΡΟΒΟΥΝ ΕΙΣ ΝΕΑΣ ΕΠΕΝΔΥΣΕΙΣ
ΣΥΝΕΧΙΖΕΤΑΙ Η ΚΑΤΑΣΚΕΥΗ ΟΔΟΥ ΕΙΣ ΚΕΡΚΥΡΑΝ

ΑΘΗΝΑΙ, 2.— Συνεχίζεται ἡ κατασκευὴ ὁδοῦ εἰς Κέρκυραν ἐκ τῶν πιστώσεων τοῦ προγράμματος δημοσίων ἐπενδύσεων.

ΚΕΡΑΥΝΟΣ ΕΦΟΝΕΥΣΕ ΠΟΙΜΕΝΑ

ΑΘΗΝΑΙ, 2.— Ἐκ κεραυνοῦ ἐφονεύθη ποιμὴν εἰς τὴν περιοχὴν Βάλτου.

ΑΘΗΝΑΙ, 2.— Διὰ νομοθετικοῦ διατάγματος παρέχονται κίνητρα εἰς τὰς ἐπιχειρήσεις.

ΑΘΗΝΑΙ, 2.— Διὰ νομοθετικοῦ διατάγματος παρέχονται κίνητρα εἰς τὰς ἐπιχειρήσεις.

ΑΘΗΝΑΙ, 2.— Διὰ νομοθετικοῦ διατάγματος παρέχονται κίνητρα εἰς τὰς ἐπιχειρήσεις.

ΔΕΗ
ΔΙΑΚΟΠΗ ΗΛΕΚΤΡΙΚΟΥ ΡΕΥΜΑΤΟΣ
ΕΙΣ ΤΟΝ ΝΟΜΟΝ ΗΜΑΘΙΑΣ

Φέρεται εἰς γνῶσιν τοῦ ἐνδιαφερομένου κοινοῦ ὅτι τὴν 5ην Σεπτεμβρίου θὰ διακοπῇ ἡ παροχὴ τοῦ ἠλεκτρικοῦ ρεύματος εἰς τὰ χωρία Μελίκης, Πλατέος, Κλειδίου, Λιανοβεργίου καὶ Προδρόμου. Διὰ λόγους ἀσφαλείας ἐπαναφορᾶς τὸ δίκτυον θεωρεῖται ὑπὸ τάσιν.

Ἐκ τῆς ΔΕΗ
ΔΕΗ
ΔΙΑΚΟΠΗ ΗΛΕΚΤΡΙΚΟΥ ΡΕΥΜΑΤΟΣ
ΕΙΣ ΤΟΝ ΝΟΜΟΝ ΣΕΡΡΩΝ

Φέρεται εἰς γνῶσιν τοῦ ἐνδιαφερομένου κοινοῦ ὅτι τὴν 5ην Σεπτεμβρίου θὰ διακοπῇ ἡ παροχὴ τοῦ ἠλεκτρικοῦ ρεύματος εἰς τὰς περιοχὰς Νιγρίτης, Σιδηροκάστρου, Ἡρακλείας καὶ Προβατᾶ ἀπὸ ὥρας 06.00 — 14.00. Διὰ λόγους ἀσφαλείας ἐπαναφορᾶς τὸ δίκτυον θεωρεῖται ὑπὸ τάσιν.

Φέρεται εἰς γνῶσιν τοῦ ἐνδιαφερομένου κοινοῦ ὅτι τὴν 5ην Σεπτεμβρίου θὰ διακοπῇ ἡ παροχὴ τοῦ ἠλεκτρικοῦ ρεύματος εἰς τὰς περιοχὰς Νιγρίτης, Σιδηροκάστρου, Ἡρακλείας καὶ Προβατᾶ ἀπὸ ὥρας 06.00 — 14.00. Διὰ λόγους ἀσφαλείας ἐπαναφορᾶς τὸ δίκτυον θεωρεῖται ὑπὸ τάσιν.

Ἐκ τῆς ΔΕΗ
Τ
Κ

ΑΘΗΝΑΙ, 2.— Ὁ ὑπουργὸς προήδρευσε συσκέψεως.

ΑΘΗΝΑΙ, 2.— Ὁ ὑπουργὸς προήδρευσε συσκέψεως.

ΑΘΗΝΑΙ, 2.— Ὁ ὑπουργὸς προήδρευσε συσκέψεως.

ΑΘΗΝΑΙ, 2.— Ὁ ὑπουργὸς προήδρευσε συσκέψεως.

ΑΘΗΝΑΙ, 2.— Ὁ ὑπουργὸς προήδρευσε συσκέψεως.

ΑΘΗΝΑΙ, 2.— Ὁ ὑπουργὸς προήδρευσε συσκέψεως.

ΑΘΗΝΑΙ, 2.— Ὁ ὑπουργὸς προήδρευσε συσκέψεως.

ΑΘΗΝΑΙ, 2.— Ὁ ὑπουργὸς προήδρευσε συσκέψεως.
